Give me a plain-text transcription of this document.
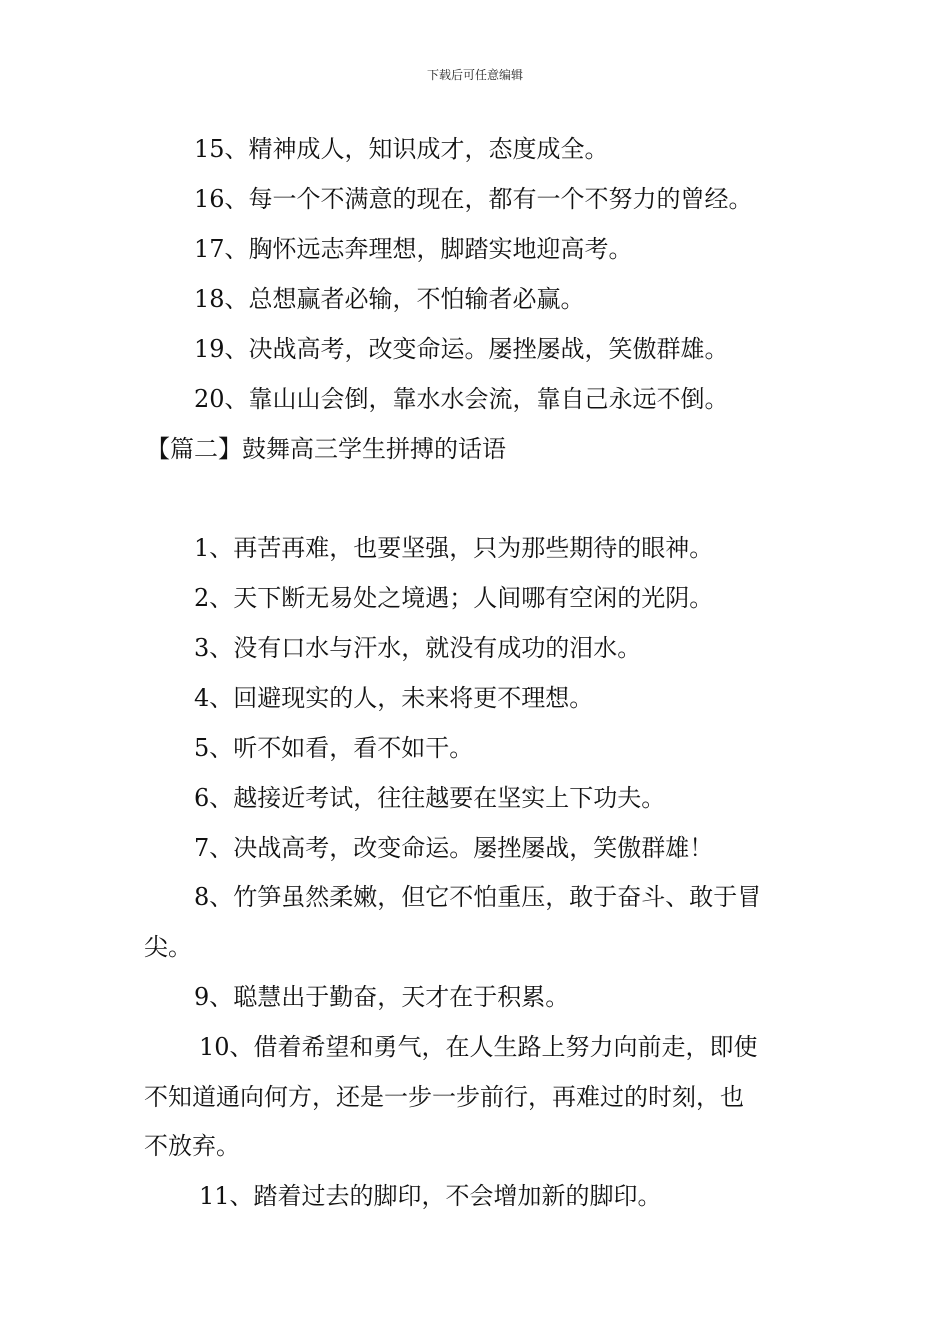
下载后可任意编辑
15、精神成人，知识成才，态度成全。
16、每一个不满意的现在，都有一个不努力的曾经。
17、胸怀远志奔理想，脚踏实地迎高考。
18、总想赢者必输，不怕输者必赢。
19、决战高考，改变命运。屡挫屡战，笑傲群雄。
20、靠山山会倒，靠水水会流，靠自己永远不倒。
【篇二】鼓舞高三学生拼搏的话语
1、再苦再难，也要坚强，只为那些期待的眼神。
2、天下断无易处之境遇；人间哪有空闲的光阴。
3、没有口水与汗水，就没有成功的泪水。
4、回避现实的人，未来将更不理想。
5、听不如看，看不如干。
6、越接近考试，往往越要在坚实上下功夫。
7、决战高考，改变命运。屡挫屡战，笑傲群雄！
8、竹笋虽然柔嫩，但它不怕重压，敢于奋斗、敢于冒
尖。
9、聪慧出于勤奋，天才在于积累。
10、借着希望和勇气，在人生路上努力向前走，即使
不知道通向何方，还是一步一步前行，再难过的时刻，也
不放弃。
11、踏着过去的脚印，不会增加新的脚印。
